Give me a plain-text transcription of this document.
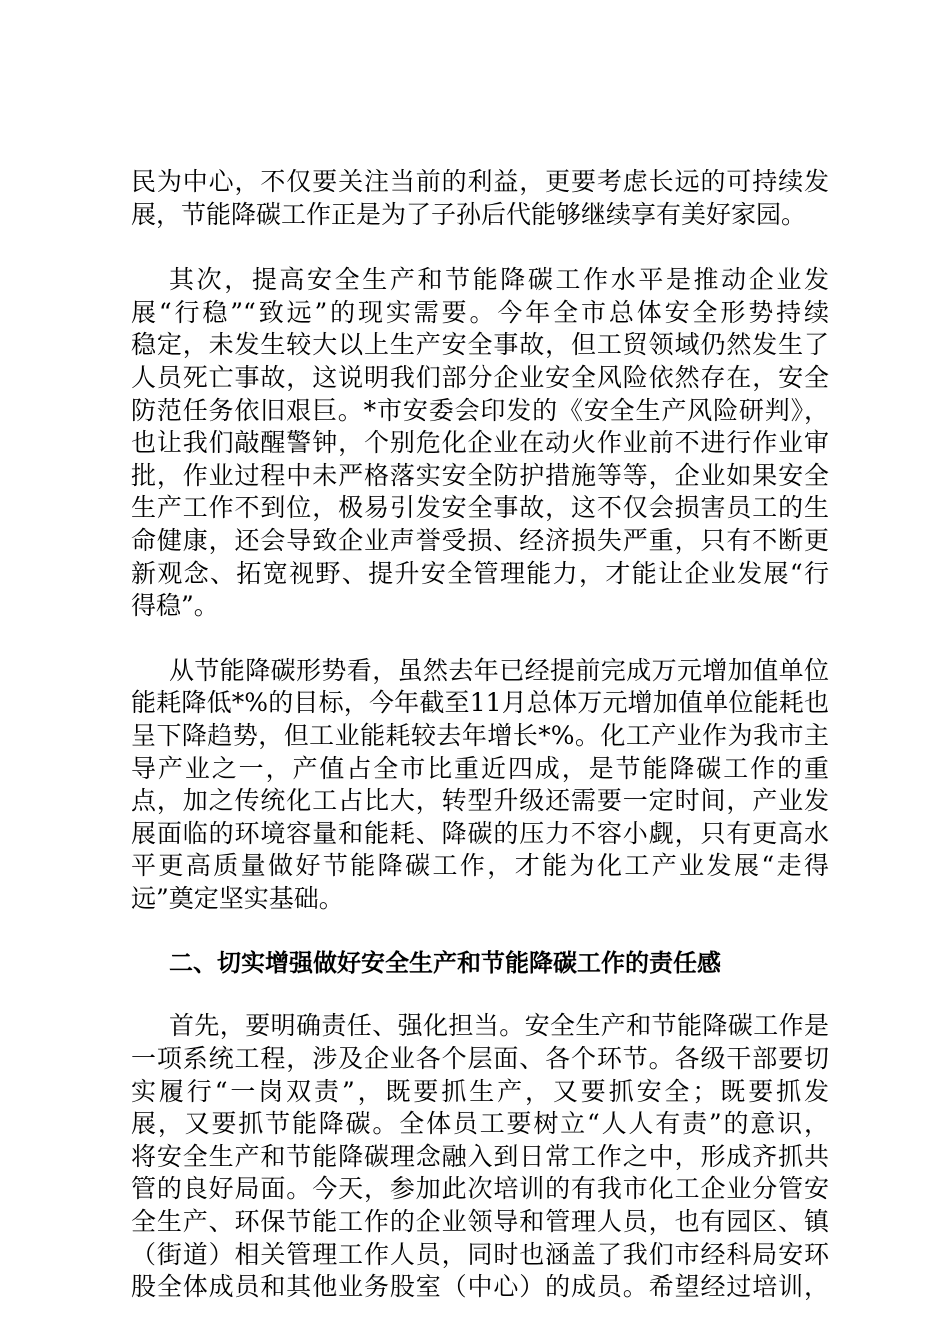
民为中心，不仅要关注当前的利益，更要考虑长远的可持续发
展，节能降碳工作正是为了子孙后代能够继续享有美好家园。

其次，提高安全生产和节能降碳工作水平是推动企业发
展“行稳”“致远”的现实需要。今年全市总体安全形势持续
稳定，未发生较大以上生产安全事故，但工贸领域仍然发生了
人员死亡事故，这说明我们部分企业安全风险依然存在，安全
防范任务依旧艰巨。*市安委会印发的《安全生产风险研判》，
也让我们敲醒警钟，个别危化企业在动火作业前不进行作业审
批，作业过程中未严格落实安全防护措施等等，企业如果安全
生产工作不到位，极易引发安全事故，这不仅会损害员工的生
命健康，还会导致企业声誉受损、经济损失严重，只有不断更
新观念、拓宽视野、提升安全管理能力，才能让企业发展“行
得稳”。

从节能降碳形势看，虽然去年已经提前完成万元增加值单位
能耗降低*%的目标，今年截至11月总体万元增加值单位能耗也
呈下降趋势，但工业能耗较去年增长*%。化工产业作为我市主
导产业之一，产值占全市比重近四成，是节能降碳工作的重
点，加之传统化工占比大，转型升级还需要一定时间，产业发
展面临的环境容量和能耗、降碳的压力不容小觑，只有更高水
平更高质量做好节能降碳工作，才能为化工产业发展“走得
远”奠定坚实基础。

二、切实增强做好安全生产和节能降碳工作的责任感

首先，要明确责任、强化担当。安全生产和节能降碳工作是
一项系统工程，涉及企业各个层面、各个环节。各级干部要切
实履行“一岗双责”，既要抓生产，又要抓安全；既要抓发
展，又要抓节能降碳。全体员工要树立“人人有责”的意识，
将安全生产和节能降碳理念融入到日常工作之中，形成齐抓共
管的良好局面。今天，参加此次培训的有我市化工企业分管安
全生产、环保节能工作的企业领导和管理人员，也有园区、镇
（街道）相关管理工作人员，同时也涵盖了我们市经科局安环
股全体成员和其他业务股室（中心）的成员。希望经过培训，
